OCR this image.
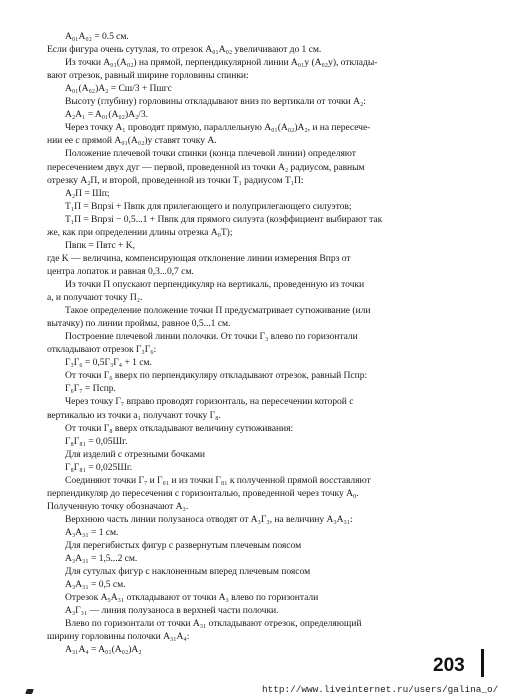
A₀₁A₀₂ = 0.5 см.
Если фигура очень сутулая, то отрезок A₀₁A₀₂ увеличивают до 1 см.
Из точки A₀₁(A₀₂) на прямой, перпендикулярной линии A₀₁y (A₀₂y), отклады-
вают отрезок, равный ширине горловины спинки:
A₀₁(A₀₂)A₂ = Сш/3 + Пшгс
Высоту (глубину) горловины откладывают вниз по вертикали от точки A₂:
A₂A₁ = A₀₁(A₀₂)A₂/3.
Через точку A₁ проводят прямую, параллельную A₀₁(A₀₂)A₂, и на пересече-
нии ее с прямой A₀₁(A₀₂)y ставят точку A.
Положение плечевой точки спинки (конца плечевой линии) определяют
пересечением двух дуг — первой, проведенной из точки A₂ радиусом, равным
отрезку A₂П, и второй, проведенной из точки T₁ радиусом T₁П:
A₂П = Шп;
T₁П = Впрзi + Пвпк для прилегающего и полуприлегающего силуэтов;
T₁П = Впрзi − 0,5...1 + Пвпк для прямого силуэта (коэффициент выбирают так
же, как при определении длины отрезка A₀T);
Пвпк = Пвтс + K,
где K — величина, компенсирующая отклонение линии измерения Впрз от
центра лопаток и равная 0,3...0,7 см.
Из точки П опускают перпендикуляр на вертикаль, проведенную из точки
a, и получают точку П₂.
Такое определение положение точки П предусматривает сутюживание (или
вытачку) по линии проймы, равное 0,5...1 см.
Построение плечевой линии полочки. От точки Г₃ влево по горизонтали
откладывают отрезок Г₃Г₆:
Г₃Г₆ = 0,5Г₃Г₄ + 1 см.
От точки Г₆ вверх по перпендикуляру откладывают отрезок, равный Пспр:
Г₆Г₇ = Пспр.
Через точку Г₇ вправо проводят горизонталь, на пересечении которой с
вертикалью из точки a₁ получают точку Г₈.
От точки Г₈ вверх откладывают величину сутюживания:
Г₈Г₈₁ = 0,05Шг.
Для изделий с отрезными бочками
Г₈Г₈₁ = 0,025Шг.
Соединяют точки Г₇ и Г₀₁ и из точки Г₈₁ к полученной прямой восставляют
перпендикуляр до пересечения с горизонталью, проведенной через точку A₀.
Полученную точку обозначают A₃.
Верхнюю часть линии полузаноса отводят от A₃Г₃, на величину A₃A₃₁:
A₃A₃₁ = 1 см.
Для перегибистых фигур с развернутым плечевым поясом
A₃A₃₁ = 1,5...2 см.
Для сутулых фигур с наклоненным вперед плечевым поясом
A₃A₃₁ = 0,5 см.
Отрезок A₅A₃₁ откладывают от точки A₃ влево по горизонтали
A₃Г₃₁ — линия полузаноса в верхней части полочки.
Влево по горизонтали от точки A₃₁ откладывают отрезок, определяющий
ширину горловины полочки A₃₁A₄:
A₃₁A₄ = A₀₁(A₀₂)A₂
203
http://www.liveinternet.ru/users/galina_o/
